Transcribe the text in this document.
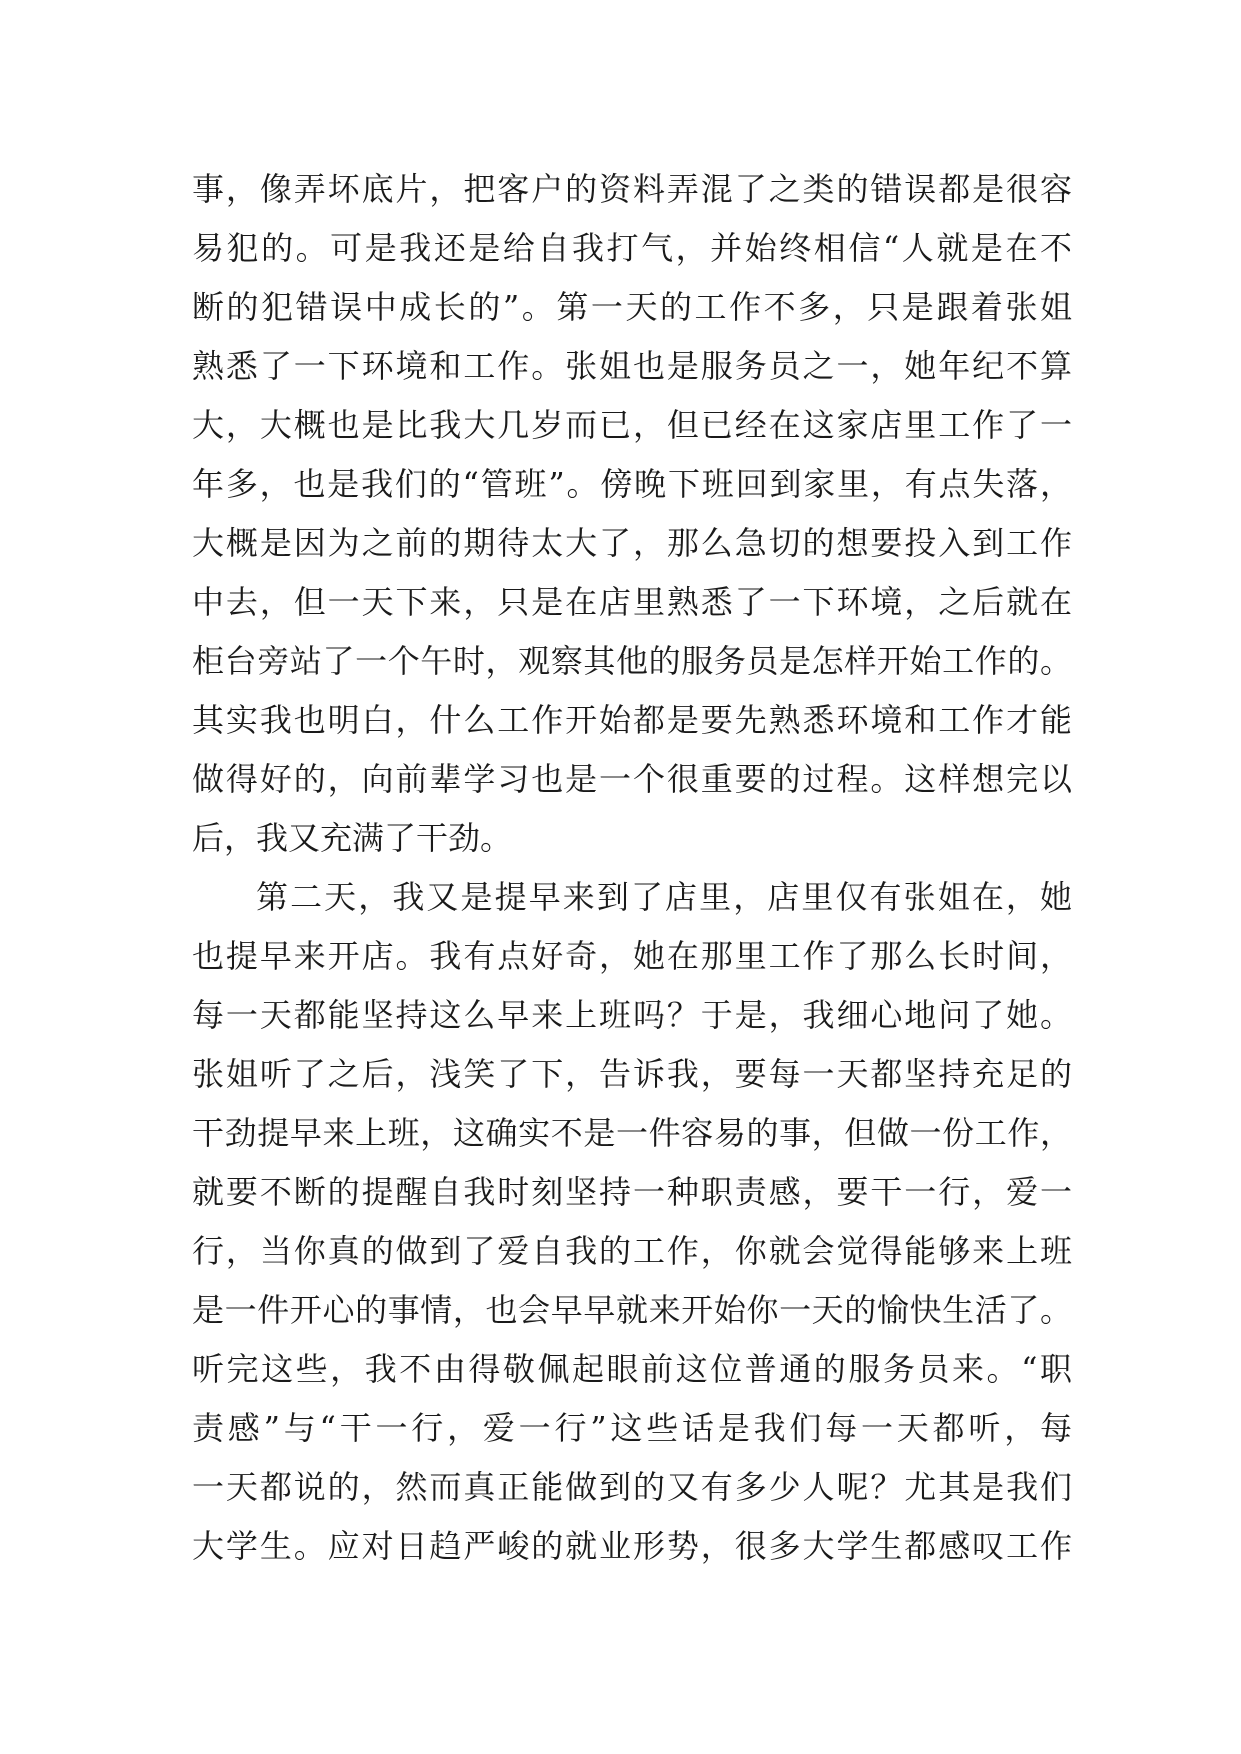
事，像弄坏底片，把客户的资料弄混了之类的错误都是很容
易犯的。可是我还是给自我打气，并始终相信“人就是在不
断的犯错误中成长的”。第一天的工作不多，只是跟着张姐
熟悉了一下环境和工作。张姐也是服务员之一，她年纪不算
大，大概也是比我大几岁而已，但已经在这家店里工作了一
年多，也是我们的“管班”。傍晚下班回到家里，有点失落，
大概是因为之前的期待太大了，那么急切的想要投入到工作
中去，但一天下来，只是在店里熟悉了一下环境，之后就在
柜台旁站了一个午时，观察其他的服务员是怎样开始工作的。
其实我也明白，什么工作开始都是要先熟悉环境和工作才能
做得好的，向前辈学习也是一个很重要的过程。这样想完以
后，我又充满了干劲。
第二天，我又是提早来到了店里，店里仅有张姐在，她
也提早来开店。我有点好奇，她在那里工作了那么长时间，
每一天都能坚持这么早来上班吗？于是，我细心地问了她。
张姐听了之后，浅笑了下，告诉我，要每一天都坚持充足的
干劲提早来上班，这确实不是一件容易的事，但做一份工作，
就要不断的提醒自我时刻坚持一种职责感，要干一行，爱一
行，当你真的做到了爱自我的工作，你就会觉得能够来上班
是一件开心的事情，也会早早就来开始你一天的愉快生活了。
听完这些，我不由得敬佩起眼前这位普通的服务员来。“职
责感”与“干一行，爱一行”这些话是我们每一天都听，每
一天都说的，然而真正能做到的又有多少人呢？尤其是我们
大学生。应对日趋严峻的就业形势，很多大学生都感叹工作
